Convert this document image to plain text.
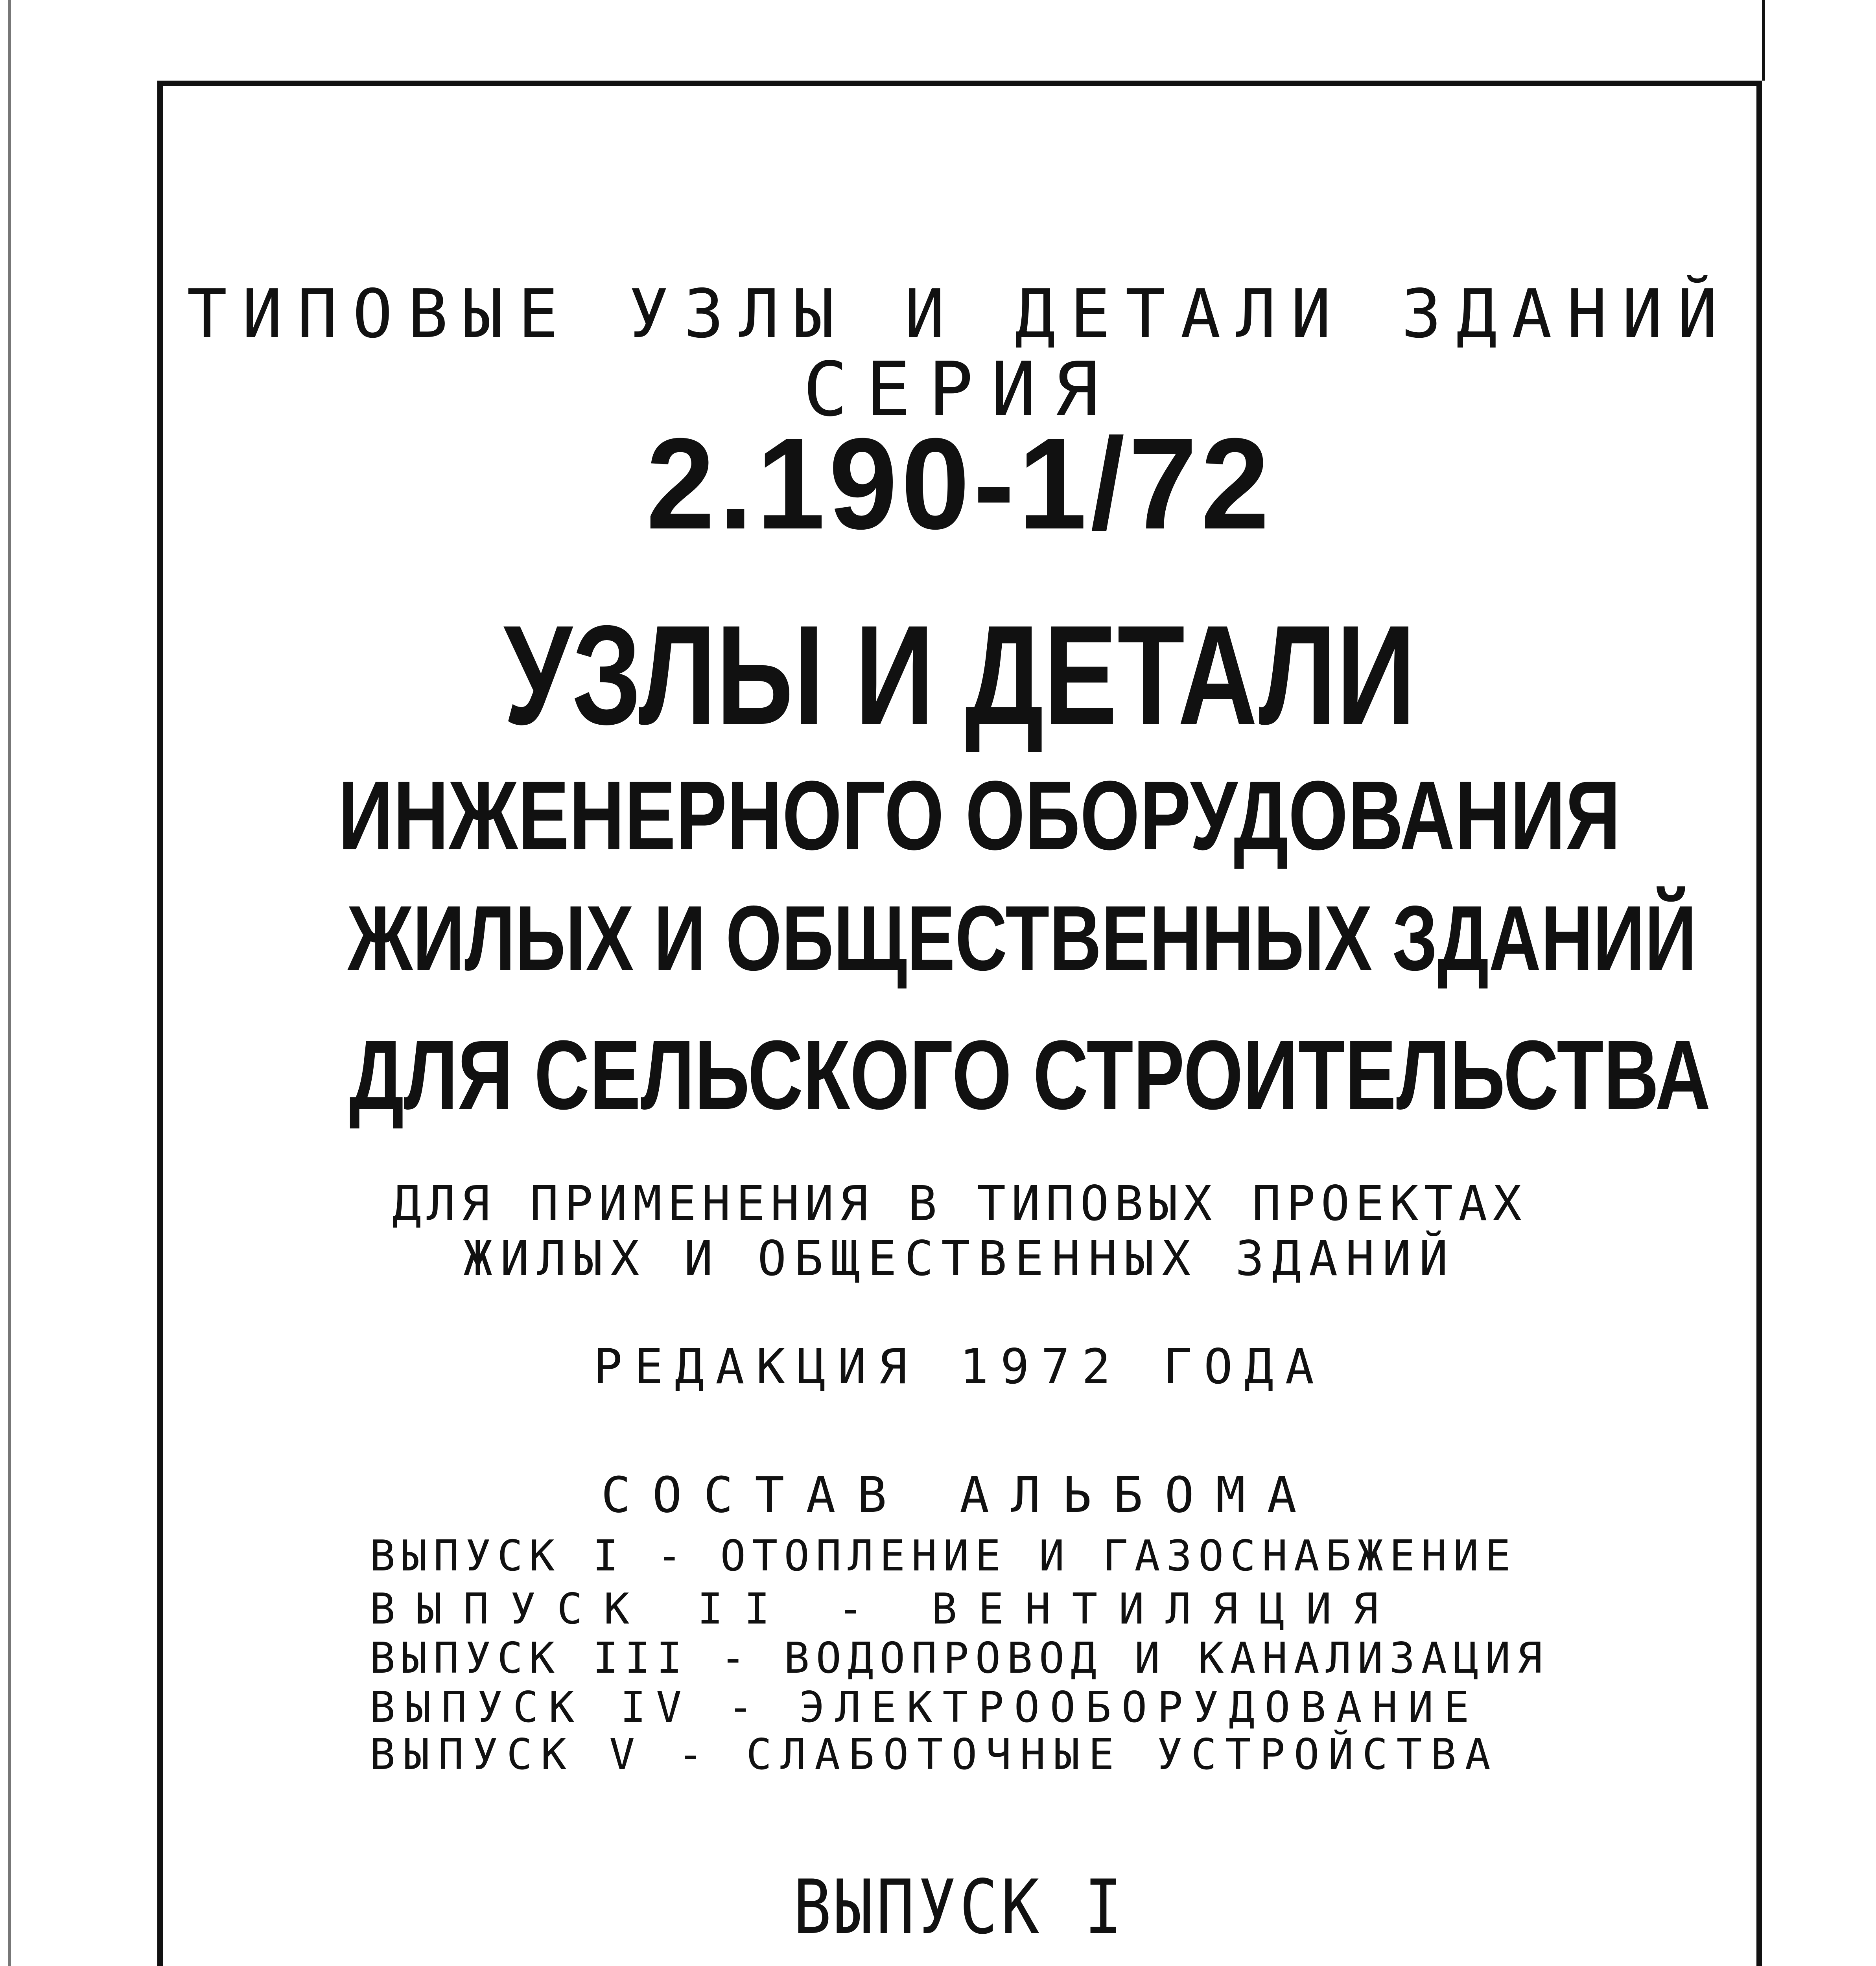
ТИПОВЫЕ УЗЛЫ И ДЕТАЛИ ЗДАНИЙ
СЕРИЯ
2.190-1/72
УЗЛЫ И ДЕТАЛИ
ИНЖЕНЕРНОГО ОБОРУДОВАНИЯ
ЖИЛЫХ И ОБЩЕСТВЕННЫХ ЗДАНИЙ
ДЛЯ СЕЛЬСКОГО СТРОИТЕЛЬСТВА
ДЛЯ ПРИМЕНЕНИЯ В ТИПОВЫХ ПРОЕКТАХ
ЖИЛЫХ И ОБЩЕСТВЕННЫХ ЗДАНИЙ
РЕДАКЦИЯ 1972 ГОДА
СОСТАВ АЛЬБОМА
ВЫПУСК I - ОТОПЛЕНИЕ И ГАЗОСНАБЖЕНИЕ
ВЫПУСК II - ВЕНТИЛЯЦИЯ
ВЫПУСК III - ВОДОПРОВОД И КАНАЛИЗАЦИЯ
ВЫПУСК IV - ЭЛЕКТРООБОРУДОВАНИЕ
ВЫПУСК V - СЛАБОТОЧНЫЕ УСТРОЙСТВА
ВЫПУСК I
